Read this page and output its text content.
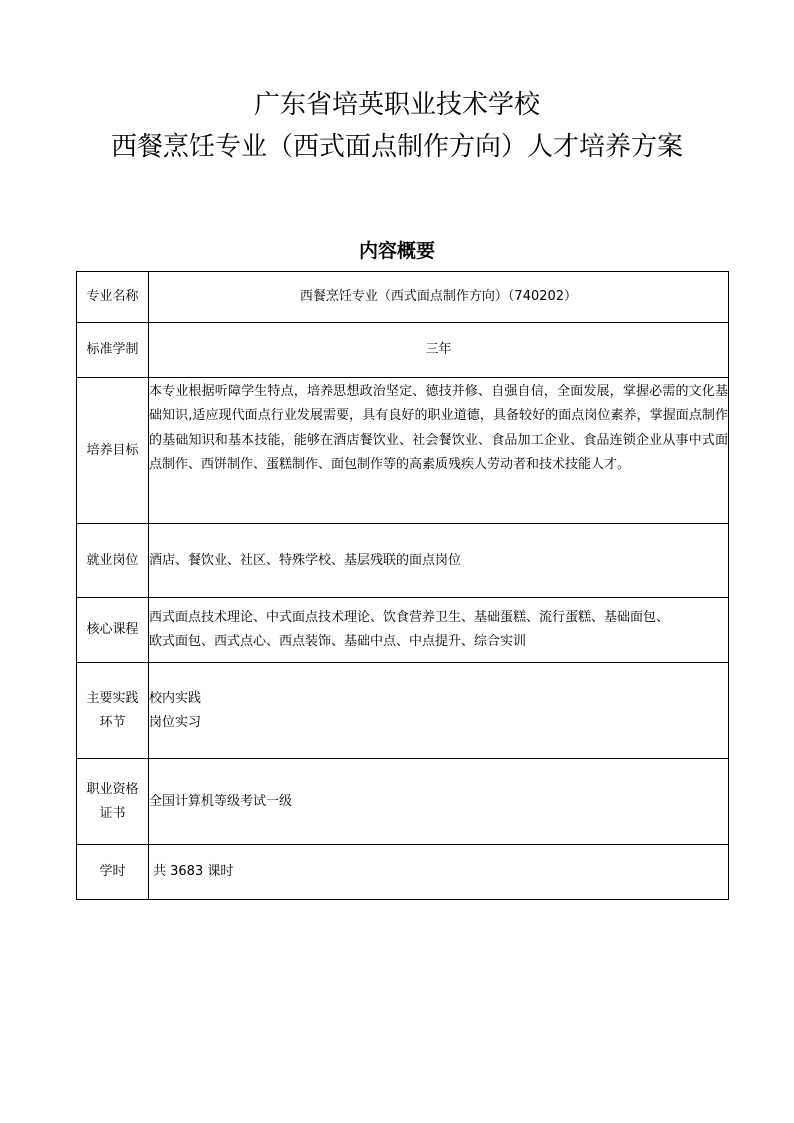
广东省培英职业技术学校
西餐烹饪专业（西式面点制作方向）人才培养方案
内容概要
专业名称	西餐烹饪专业（西式面点制作方向）（740202）
标准学制	三年
培养目标	本专业根据听障学生特点，培养思想政治坚定、德技并修、自强自信，全面发展，掌握必需的文化基础知识,适应现代面点行业发展需要，具有良好的职业道德，具备较好的面点岗位素养，掌握面点制作的基础知识和基本技能，能够在酒店餐饮业、社会餐饮业、食品加工企业、食品连锁企业从事中式面点制作、西饼制作、蛋糕制作、面包制作等的高素质残疾人劳动者和技术技能人才。

就业岗位	酒店、餐饮业、社区、特殊学校、基层残联的面点岗位
核心课程	西式面点技术理论、中式面点技术理论、饮食营养卫生、基础蛋糕、流行蛋糕、基础面包、
欧式面包、西式点心、西点装饰、基础中点、中点提升、综合实训

主要实践
环节	校内实践
岗位实习

职业资格
证书	全国计算机等级考试一级
学时	共 3683 课时
